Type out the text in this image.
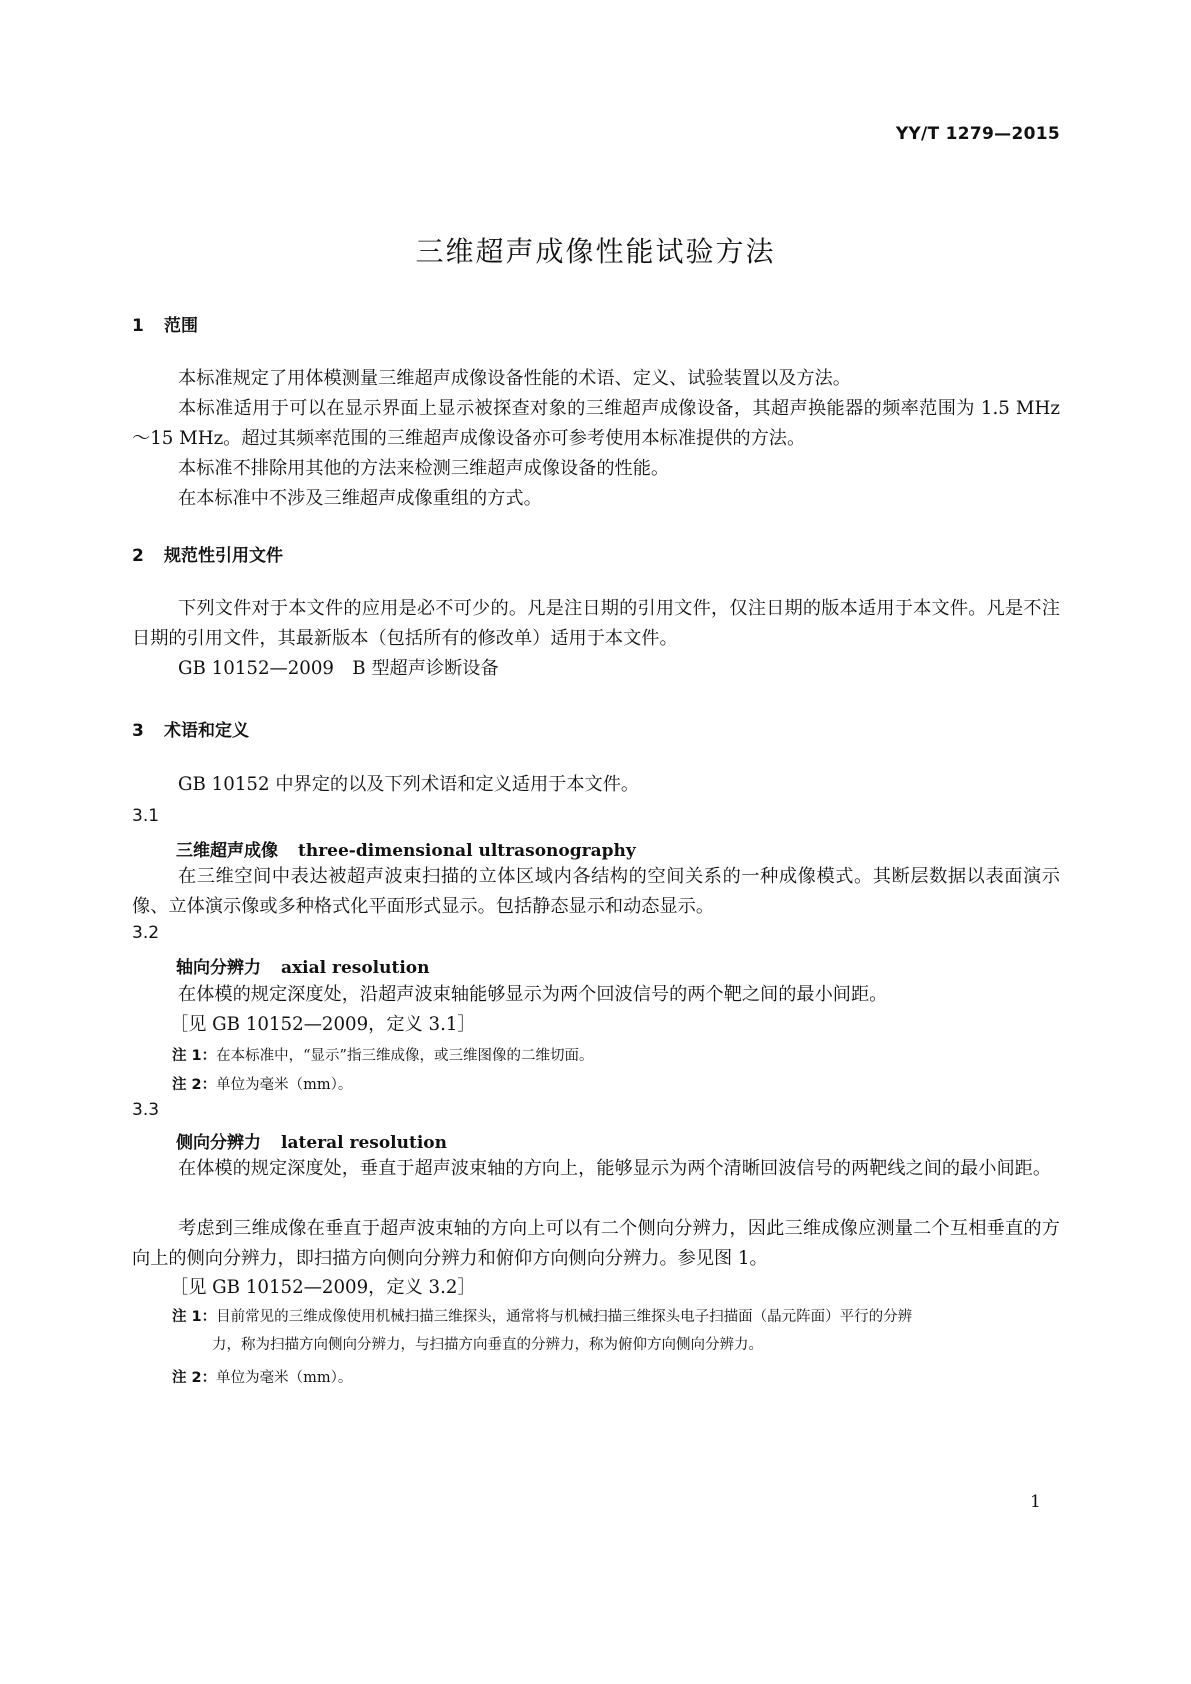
YY/T 1279—2015
三维超声成像性能试验方法
1 范围
本标准规定了用体模测量三维超声成像设备性能的术语、定义、试验装置以及方法。
本标准适用于可以在显示界面上显示被探查对象的三维超声成像设备，其超声换能器的频率范围为 1.5 MHz～15 MHz。超过其频率范围的三维超声成像设备亦可参考使用本标准提供的方法。
本标准不排除用其他的方法来检测三维超声成像设备的性能。
在本标准中不涉及三维超声成像重组的方式。
2 规范性引用文件
下列文件对于本文件的应用是必不可少的。凡是注日期的引用文件，仅注日期的版本适用于本文件。凡是不注日期的引用文件，其最新版本（包括所有的修改单）适用于本文件。
GB 10152—2009　B 型超声诊断设备
3 术语和定义
GB 10152 中界定的以及下列术语和定义适用于本文件。
3.1
三维超声成像 three-dimensional ultrasonography
在三维空间中表达被超声波束扫描的立体区域内各结构的空间关系的一种成像模式。其断层数据以表面演示像、立体演示像或多种格式化平面形式显示。包括静态显示和动态显示。
3.2
轴向分辨力 axial resolution
在体模的规定深度处，沿超声波束轴能够显示为两个回波信号的两个靶之间的最小间距。
［见 GB 10152—2009，定义 3.1］
注 1：在本标准中，“显示”指三维成像，或三维图像的二维切面。
注 2：单位为毫米（mm）。
3.3
侧向分辨力 lateral resolution
在体模的规定深度处，垂直于超声波束轴的方向上，能够显示为两个清晰回波信号的两靶线之间的最小间距。
考虑到三维成像在垂直于超声波束轴的方向上可以有二个侧向分辨力，因此三维成像应测量二个互相垂直的方向上的侧向分辨力，即扫描方向侧向分辨力和俯仰方向侧向分辨力。参见图 1。
［见 GB 10152—2009，定义 3.2］
注 1：目前常见的三维成像使用机械扫描三维探头，通常将与机械扫描三维探头电子扫描面（晶元阵面）平行的分辨
力，称为扫描方向侧向分辨力，与扫描方向垂直的分辨力，称为俯仰方向侧向分辨力。
注 2：单位为毫米（mm）。
1
